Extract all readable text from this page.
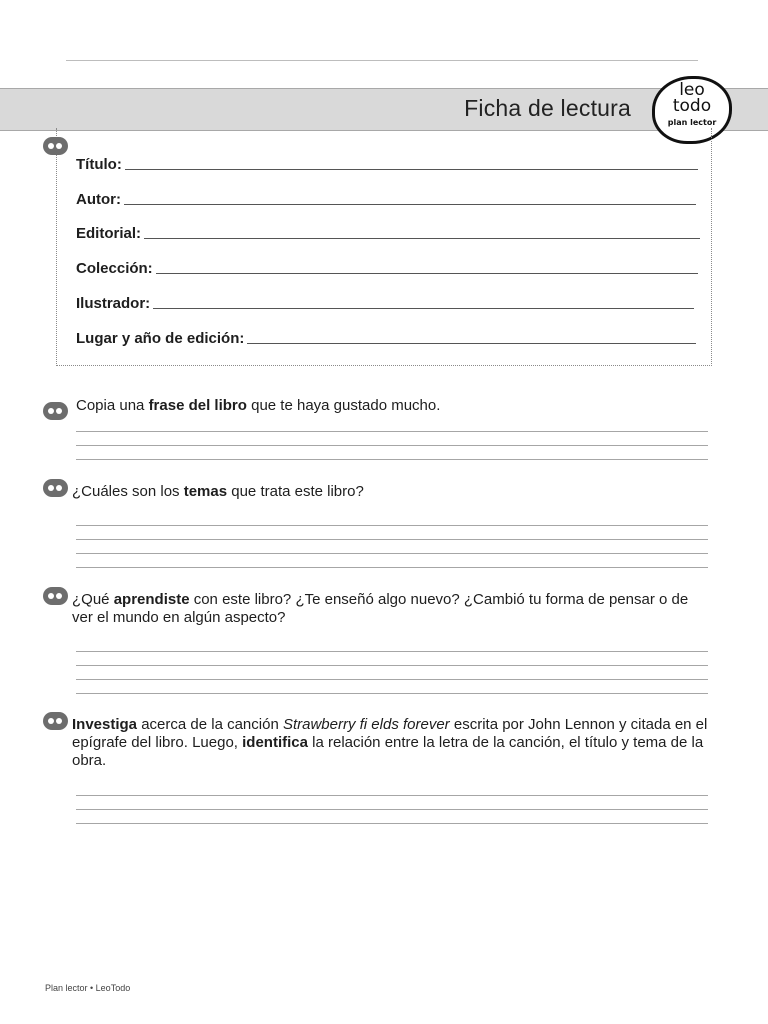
Ficha de lectura
leo
todo
plan lector
Título:
Autor:
Editorial:
Colección:
Ilustrador:
Lugar y año de edición:
Copia una frase del libro que te haya gustado mucho.
¿Cuáles son los temas que trata este libro?
¿Qué aprendiste con este libro? ¿Te enseñó algo nuevo? ¿Cambió tu forma de pensar o de ver el mundo en algún aspecto?
Investiga acerca de la canción Strawberry fi elds forever escrita por John Lennon y citada en el epígrafe del libro. Luego, identifica la relación entre la letra de la canción, el título y tema de la obra.
Plan lector • LeoTodo
